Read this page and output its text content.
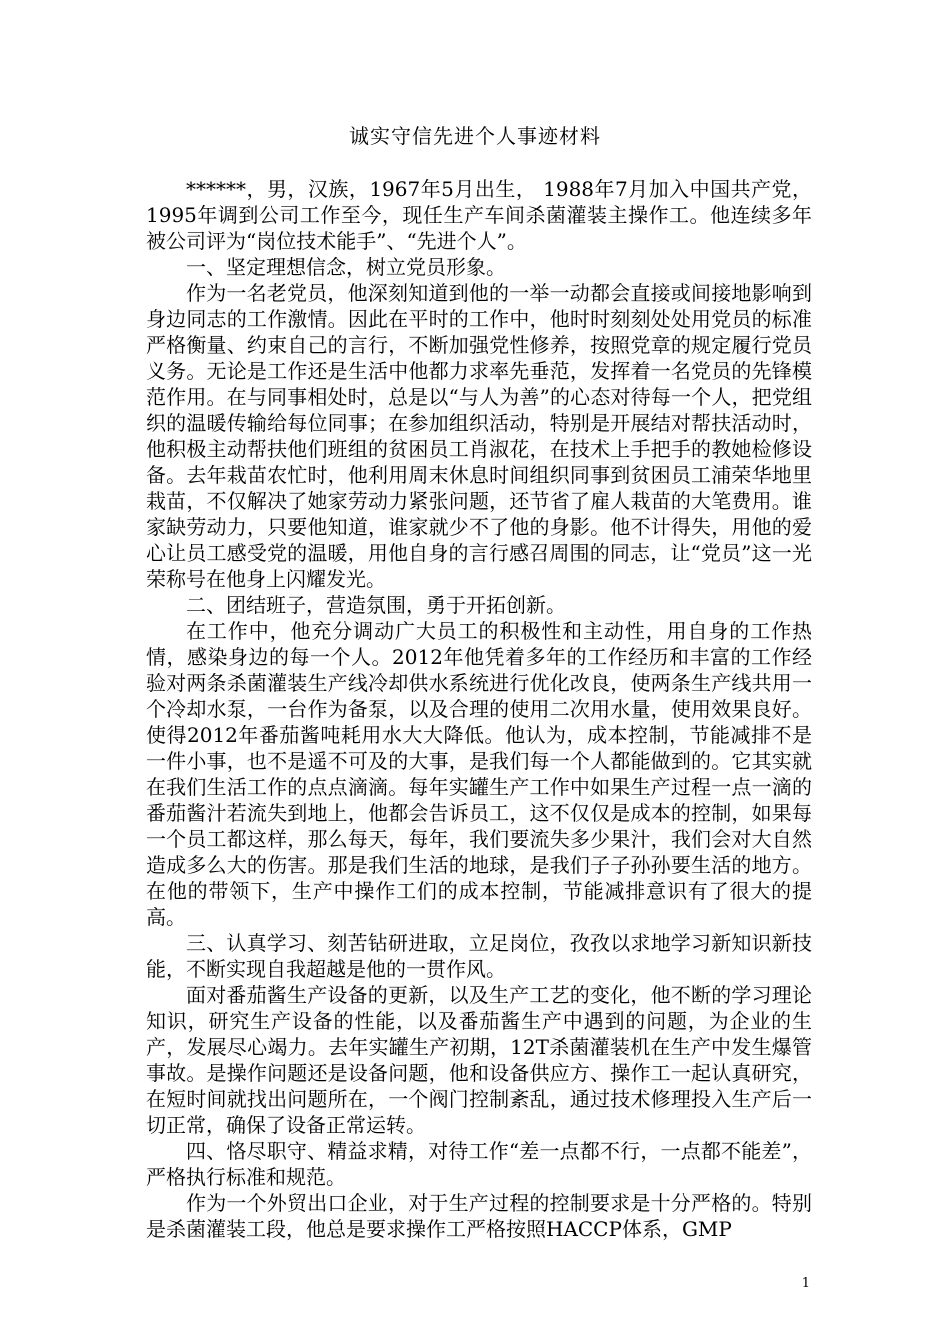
诚实守信先进个人事迹材料

******，男，汉族，1967年5月出生， 1988年7月加入中国共产党， 1995年调到公司工作至今，现任生产车间杀菌灌装主操作工。他连续多年被公司评为“岗位技术能手”、“先进个人”。

一、坚定理想信念，树立党员形象。

作为一名老党员，他深刻知道到他的一举一动都会直接或间接地影响到身边同志的工作激情。因此在平时的工作中，他时时刻刻处处用党员的标准严格衡量、约束自己的言行，不断加强党性修养，按照党章的规定履行党员义务。无论是工作还是生活中他都力求率先垂范，发挥着一名党员的先锋模范作用。在与同事相处时，总是以“与人为善”的心态对待每一个人，把党组织的温暖传输给每位同事；在参加组织活动，特别是开展结对帮扶活动时，他积极主动帮扶他们班组的贫困员工肖淑花，在技术上手把手的教她检修设备。去年栽苗农忙时，他利用周末休息时间组织同事到贫困员工浦荣华地里栽苗，不仅解决了她家劳动力紧张问题，还节省了雇人栽苗的大笔费用。谁家缺劳动力，只要他知道，谁家就少不了他的身影。他不计得失，用他的爱心让员工感受党的温暖，用他自身的言行感召周围的同志，让“党员”这一光荣称号在他身上闪耀发光。

二、团结班子，营造氛围，勇于开拓创新。

在工作中，他充分调动广大员工的积极性和主动性，用自身的工作热情，感染身边的每一个人。2012年他凭着多年的工作经历和丰富的工作经验对两条杀菌灌装生产线冷却供水系统进行优化改良，使两条生产线共用一个冷却水泵，一台作为备泵，以及合理的使用二次用水量，使用效果良好。使得2012年番茄酱吨耗用水大大降低。他认为，成本控制，节能减排不是一件小事，也不是遥不可及的大事，是我们每一个人都能做到的。它其实就在我们生活工作的点点滴滴。每年实罐生产工作中如果生产过程一点一滴的番茄酱汁若流失到地上，他都会告诉员工，这不仅仅是成本的控制，如果每一个员工都这样，那么每天，每年，我们要流失多少果汁，我们会对大自然造成多么大的伤害。那是我们生活的地球，是我们子子孙孙要生活的地方。在他的带领下，生产中操作工们的成本控制，节能减排意识有了很大的提高。

三、认真学习、刻苦钻研进取，立足岗位，孜孜以求地学习新知识新技能，不断实现自我超越是他的一贯作风。

面对番茄酱生产设备的更新，以及生产工艺的变化，他不断的学习理论知识，研究生产设备的性能，以及番茄酱生产中遇到的问题，为企业的生产，发展尽心竭力。去年实罐生产初期，12T杀菌灌装机在生产中发生爆管事故。是操作问题还是设备问题，他和设备供应方、操作工一起认真研究，在短时间就找出问题所在，一个阀门控制紊乱，通过技术修理投入生产后一切正常，确保了设备正常运转。

四、恪尽职守、精益求精，对待工作“差一点都不行，一点都不能差”，严格执行标准和规范。

作为一个外贸出口企业，对于生产过程的控制要求是十分严格的。特别是杀菌灌装工段，他总是要求操作工严格按照HACCP体系，GMP

1
